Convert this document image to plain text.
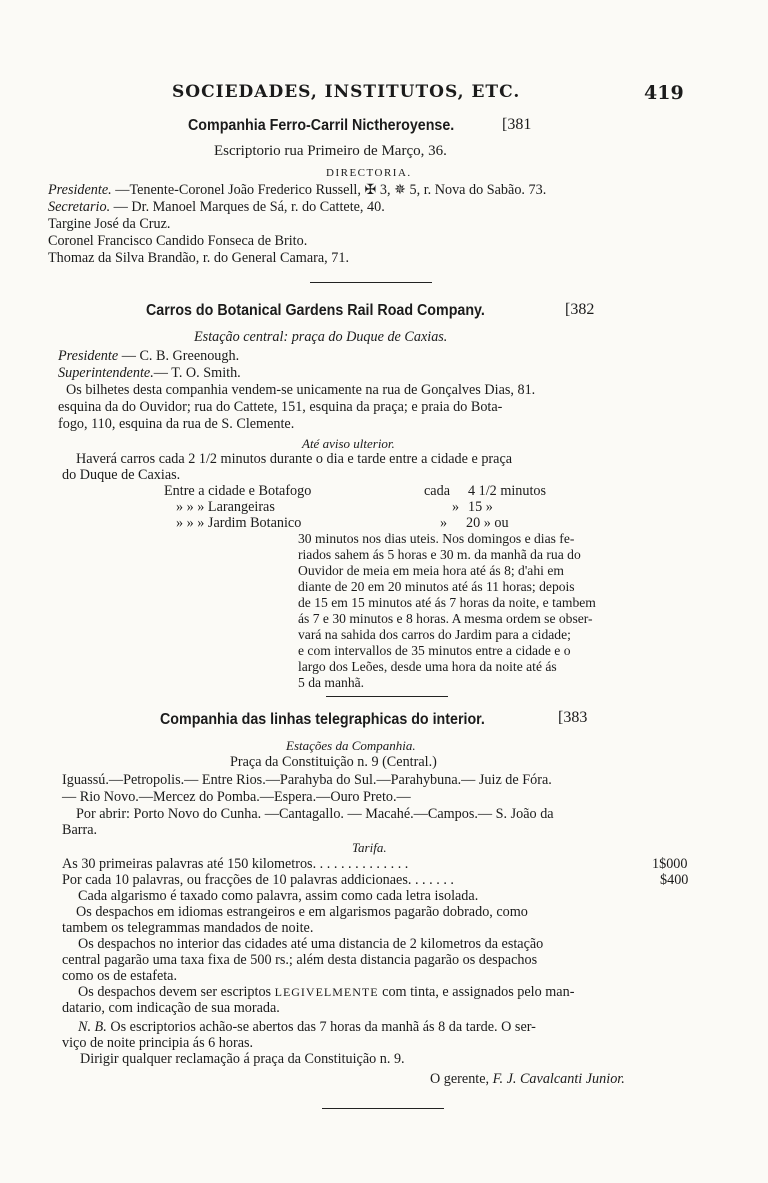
SOCIEDADES, INSTITUTOS, ETC.	419
Companhia Ferro-Carril Nictheroyense.	[381
Escriptorio rua Primeiro de Março, 36.
DIRECTORIA.
Presidente. —Tenente-Coronel João Frederico Russell, ✠ 3, ✵ 5, r. Nova do Sabão. 73.
Secretario. — Dr. Manoel Marques de Sá, r. do Cattete, 40.
Targine José da Cruz.
Coronel Francisco Candido Fonseca de Brito.
Thomaz da Silva Brandão, r. do General Camara, 71.
Carros do Botanical Gardens Rail Road Company.	[382
Estação central: praça do Duque de Caxias.
Presidente — C. B. Greenough.
Superintendente.— T. O. Smith.
Os bilhetes desta companhia vendem-se unicamente na rua de Gonçalves Dias, 81.
esquina da do Ouvidor; rua do Cattete, 151, esquina da praça; e praia do Bota-
fogo, 110, esquina da rua de S. Clemente.
Até aviso ulterior.
Haverá carros cada 2 1/2 minutos durante o dia e tarde entre a cidade e praça
do Duque de Caxias.
Entre a cidade e Botafogo	cada 4 1/2 minutos
» » » Larangeiras	» 15 »
» » » Jardim Botanico	» 20 » ou
30 minutos nos dias uteis. Nos domingos e dias fe-
riados sahem ás 5 horas e 30 m. da manhã da rua do
Ouvidor de meia em meia hora até ás 8; d'ahi em
diante de 20 em 20 minutos até ás 11 horas; depois
de 15 em 15 minutos até ás 7 horas da noite, e tambem
ás 7 e 30 minutos e 8 horas. A mesma ordem se obser-
vará na sahida dos carros do Jardim para a cidade;
e com intervallos de 35 minutos entre a cidade e o
largo dos Leões, desde uma hora da noite até ás
5 da manhã.
Companhia das linhas telegraphicas do interior.	[383
Estações da Companhia.
Praça da Constituição n. 9 (Central.)
Iguassú.—Petropolis.— Entre Rios.—Parahyba do Sul.—Parahybuna.— Juiz de Fóra.
— Rio Novo.—Mercez do Pomba.—Espera.—Ouro Preto.—
Por abrir: Porto Novo do Cunha. —Cantagallo. — Macahé.—Campos.— S. João da
Barra.
Tarifa.
As 30 primeiras palavras até 150 kilometros. . . . . . . . . . . . . .	1$000
Por cada 10 palavras, ou fracções de 10 palavras addicionaes. . . . . . .	$400
Cada algarismo é taxado como palavra, assim como cada letra isolada.
Os despachos em idiomas estrangeiros e em algarismos pagarão dobrado, como
tambem os telegrammas mandados de noite.
Os despachos no interior das cidades até uma distancia de 2 kilometros da estação
central pagarão uma taxa fixa de 500 rs.; além desta distancia pagarão os despachos
como os de estafeta.
Os despachos devem ser escriptos LEGIVELMENTE com tinta, e assignados pelo man-
datario, com indicação de sua morada.
N. B. Os escriptorios achão-se abertos das 7 horas da manhã ás 8 da tarde. O ser-
viço de noite principia ás 6 horas.
Dirigir qualquer reclamação á praça da Constituição n. 9.
O gerente, F. J. Cavalcanti Junior.
